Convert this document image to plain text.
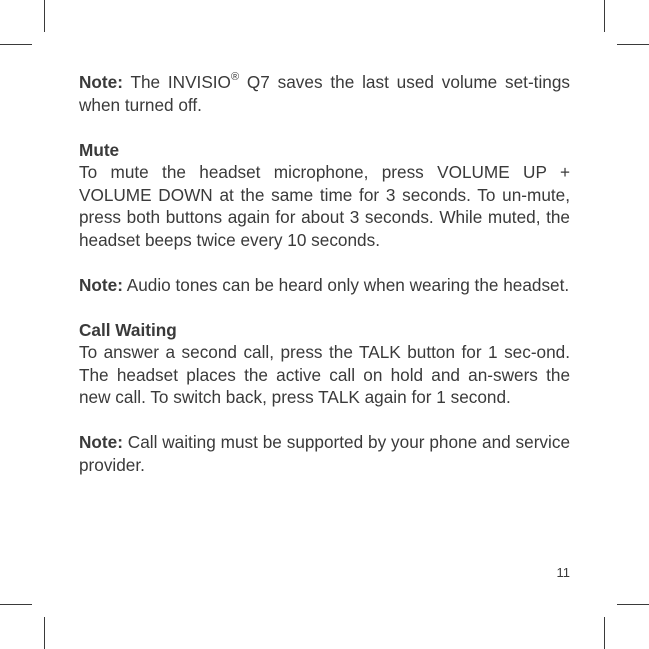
Note: The INVISIO® Q7 saves the last used volume set-tings when turned off.

Mute

To mute the headset microphone, press VOLUME UP + VOLUME DOWN at the same time for 3 seconds. To un-mute, press both buttons again for about 3 seconds. While muted, the headset beeps twice every 10 seconds.

Note: Audio tones can be heard only when wearing the headset.

Call Waiting

To answer a second call, press the TALK button for 1 sec-ond. The headset places the active call on hold and an-swers the new call. To switch back, press TALK again for 1 second.

Note: Call waiting must be supported by your phone and service provider.

11
